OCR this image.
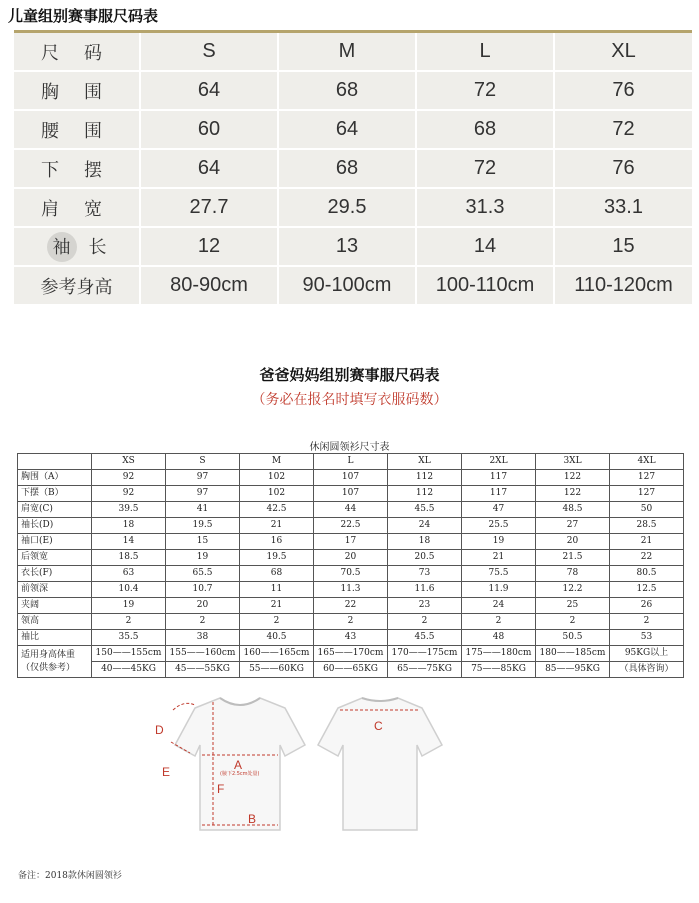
儿童组别赛事服尺码表
尺 码	S	M	L	XL
胸 围	64	68	72	76
腰 围	60	64	68	72
下 摆	64	68	72	76
肩 宽	27.7	29.5	31.3	33.1
袖 长	12	13	14	15
参考身高	80-90cm	90-100cm	100-110cm	110-120cm
爸爸妈妈组别赛事服尺码表
（务必在报名时填写衣服码数）
休闲圆领衫尺寸表
	XS	S	M	L	XL	2XL	3XL	4XL
胸围（A）	92	97	102	107	112	117	122	127
下摆（B）	92	97	102	107	112	117	122	127
肩宽(C)	39.5	41	42.5	44	45.5	47	48.5	50
袖长(D)	18	19.5	21	22.5	24	25.5	27	28.5
袖口(E)	14	15	16	17	18	19	20	21
后领宽	18.5	19	19.5	20	20.5	21	21.5	22
衣长(F)	63	65.5	68	70.5	73	75.5	78	80.5
前领深	10.4	10.7	11	11.3	11.6	11.9	12.2	12.5
夹阔	19	20	21	22	23	24	25	26
领高	2	2	2	2	2	2	2	2
袖比	35.5	38	40.5	43	45.5	48	50.5	53

适用身高体重
（仅供参考）	150——155cm	155——160cm	160——165cm	165——170cm	170——175cm	175——180cm	180——185cm	95KG以上
	40——45KG	45——55KG	55——60KG	60——65KG	65——75KG	75——85KG	85——95KG	（具体咨询）
D
E	A
(腋下2.5cm处量)
F
B
C
备注：2018款休闲圆领衫
